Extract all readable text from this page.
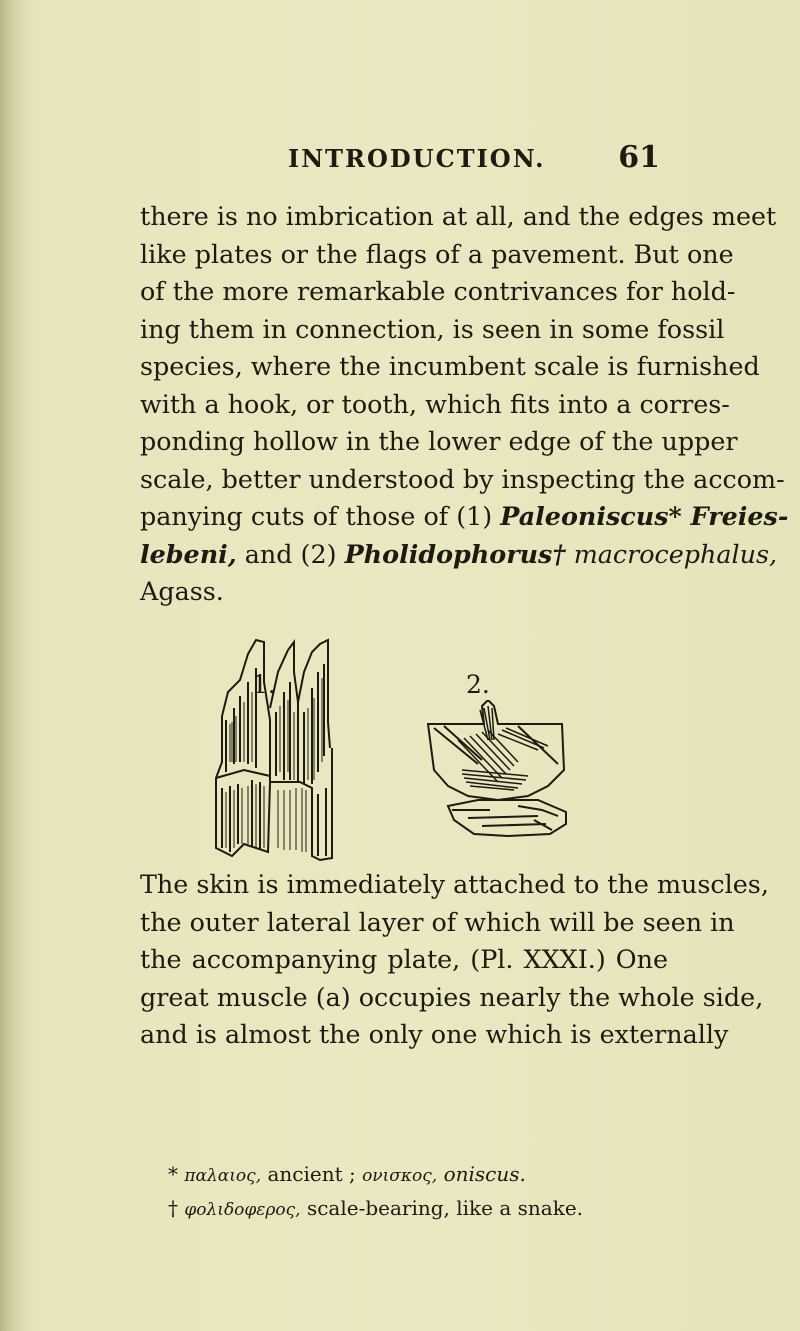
INTRODUCTION. 61
there is no imbrication at all, and the edges meet
like plates or the flags of a pavement. But one
of the more remarkable contrivances for hold-
ing them in connection, is seen in some fossil
species, where the incumbent scale is furnished
with a hook, or tooth, which fits into a corres-
ponding hollow in the lower edge of the upper
scale, better understood by inspecting the accom-
panying cuts of those of (1) Paleoniscus* Freies-
lebeni, and (2) Pholidophorus† macrocephalus,
Agass.
1.	2.
The skin is immediately attached to the muscles,
the outer lateral layer of which will be seen in
the accompanying plate, (Pl. XXXI.) One
great muscle (a) occupies nearly the whole side,
and is almost the only one which is externally
* παλαιος, ancient ; ονισκος, oniscus.
† φολιδοφερος, scale-bearing, like a snake.
